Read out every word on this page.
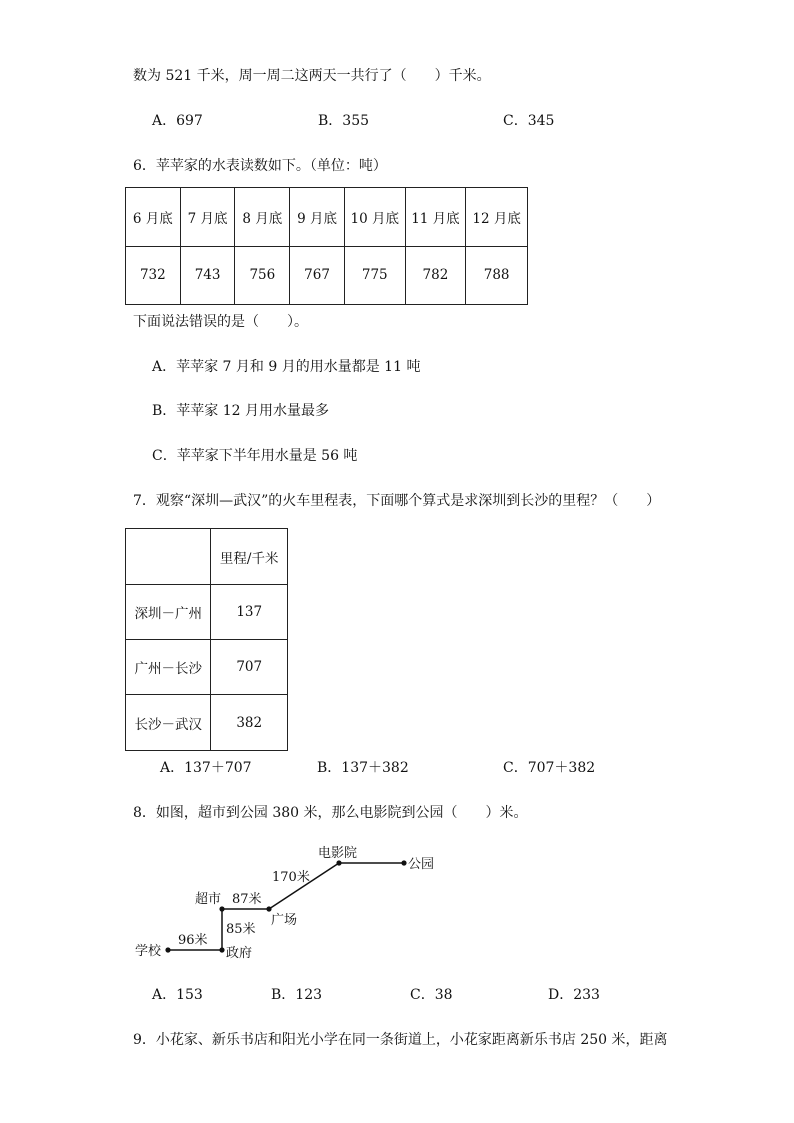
数为 521 千米，周一周二这两天一共行了（　　）千米。
A．697	B．355	C．345
6．苹苹家的水表读数如下。（单位：吨）
6 月底	7 月底	8 月底	9 月底	10 月底	11 月底	12 月底
732	743	756	767	775	782	788
下面说法错误的是（　　）。
A．苹苹家 7 月和 9 月的用水量都是 11 吨
B．苹苹家 12 月用水量最多
C．苹苹家下半年用水量是 56 吨
7．观察“深圳—武汉”的火车里程表，下面哪个算式是求深圳到长沙的里程？（　　）
	里程/千米
深圳－广州	137
广州－长沙	707
长沙－武汉	382
A．137＋707	B．137＋382	C．707＋382
8．如图，超市到公园 380 米，那么电影院到公园（　　）米。
学校	政府
超市
广场
电影院
公园
96米
85米
87米
170米
A．153	B．123	C．38	D．233
9．小花家、新乐书店和阳光小学在同一条街道上，小花家距离新乐书店 250 米，距离
